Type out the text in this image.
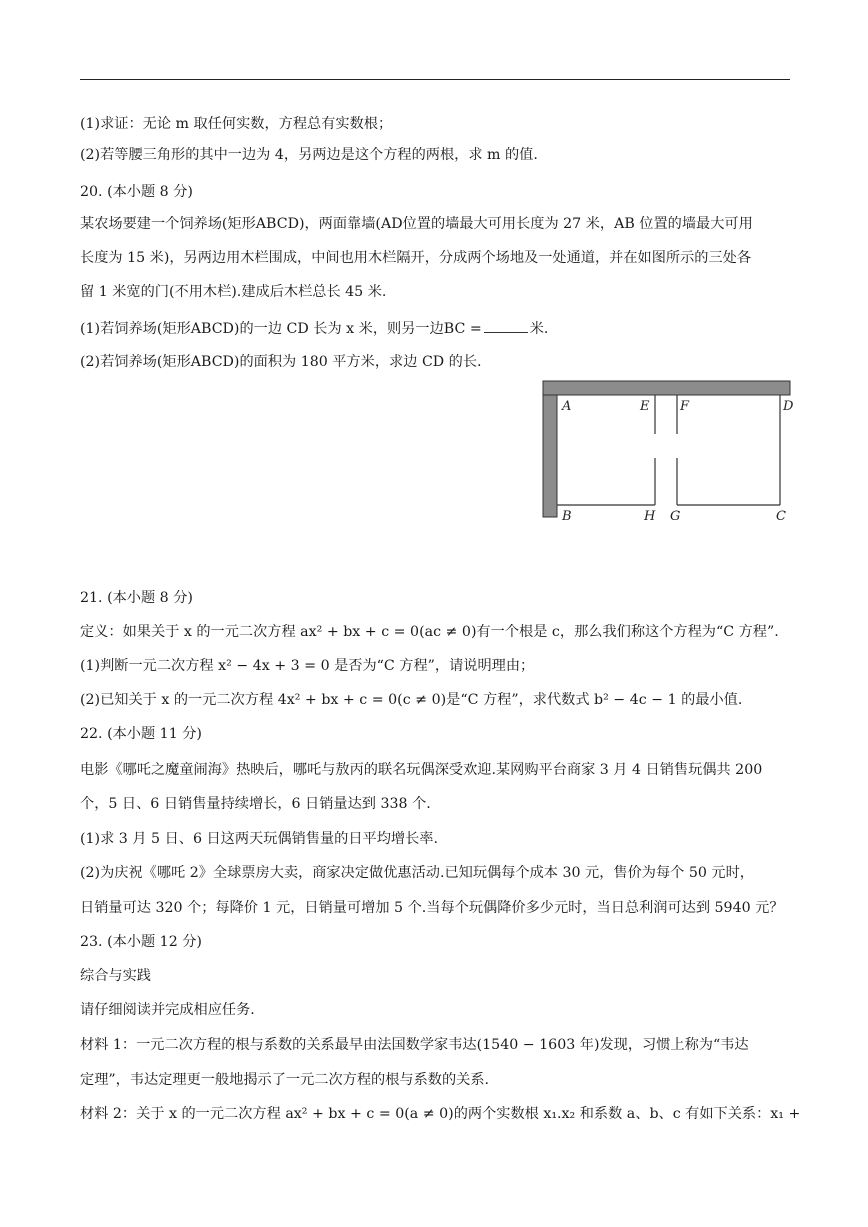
(1)求证：无论 m 取任何实数，方程总有实数根；
(2)若等腰三角形的其中一边为 4，另两边是这个方程的两根，求 m 的值.
20. (本小题 8 分)
某农场要建一个饲养场(矩形ABCD)，两面靠墙(AD位置的墙最大可用长度为 27 米，AB 位置的墙最大可用
长度为 15 米)，另两边用木栏围成，中间也用木栏隔开，分成两个场地及一处通道，并在如图所示的三处各
留 1 米宽的门(不用木栏).建成后木栏总长 45 米.
(1)若饲养场(矩形ABCD)的一边 CD 长为 x 米，则另一边BC =	米.
(2)若饲养场(矩形ABCD)的面积为 180 平方米，求边 CD 的长.
A	E F	D
B	H G	C
21. (本小题 8 分)
定义：如果关于 x 的一元二次方程 ax² + bx + c = 0(ac ≠ 0)有一个根是 c，那么我们称这个方程为“C 方程”.
(1)判断一元二次方程 x² − 4x + 3 = 0 是否为“C 方程”，请说明理由；
(2)已知关于 x 的一元二次方程 4x² + bx + c = 0(c ≠ 0)是“C 方程”，求代数式 b² − 4c − 1 的最小值.
22. (本小题 11 分)
电影《哪吒之魔童闹海》热映后，哪吒与敖丙的联名玩偶深受欢迎.某网购平台商家 3 月 4 日销售玩偶共 200
个，5 日、6 日销售量持续增长，6 日销量达到 338 个.
(1)求 3 月 5 日、6 日这两天玩偶销售量的日平均增长率.
(2)为庆祝《哪吒 2》全球票房大卖，商家决定做优惠活动.已知玩偶每个成本 30 元，售价为每个 50 元时，
日销量可达 320 个；每降价 1 元，日销量可增加 5 个.当每个玩偶降价多少元时，当日总利润可达到 5940 元？
23. (本小题 12 分)
综合与实践
请仔细阅读并完成相应任务.
材料 1：一元二次方程的根与系数的关系最早由法国数学家韦达(1540 − 1603 年)发现，习惯上称为“韦达
定理”，韦达定理更一般地揭示了一元二次方程的根与系数的关系.
材料 2：关于 x 的一元二次方程 ax² + bx + c = 0(a ≠ 0)的两个实数根 x₁.x₂ 和系数 a、b、c 有如下关系：x₁ +
